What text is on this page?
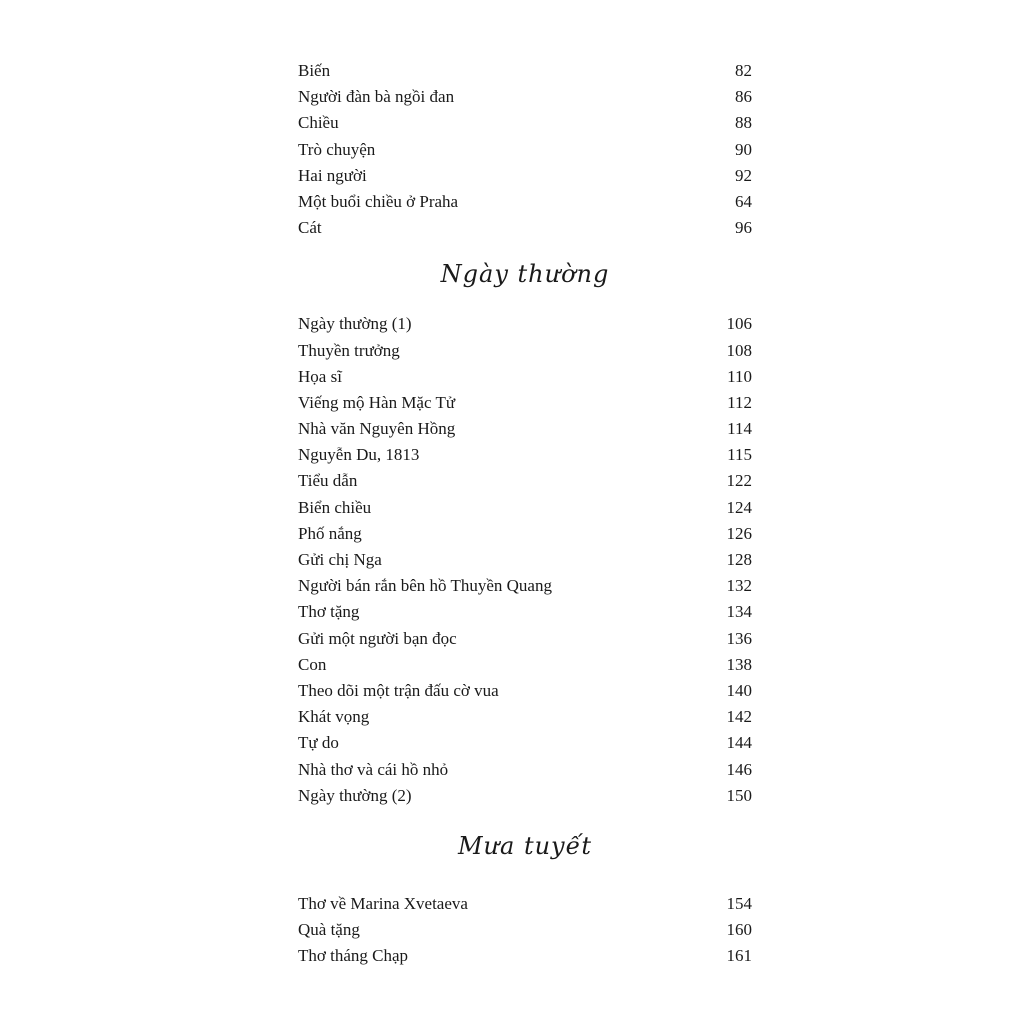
Biến	82
Người đàn bà ngồi đan	86
Chiều	88
Trò chuyện	90
Hai người	92
Một buổi chiều ở Praha	64
Cát	96
Ngày thường
Ngày thường (1)	106
Thuyền trưởng	108
Họa sĩ	110
Viếng mộ Hàn Mặc Tử	112
Nhà văn Nguyên Hồng	114
Nguyễn Du, 1813	115
Tiểu dẫn	122
Biển chiều	124
Phố nắng	126
Gửi chị Nga	128
Người bán rắn bên hồ Thuyền Quang	132
Thơ tặng	134
Gửi một người bạn đọc	136
Con	138
Theo dõi một trận đấu cờ vua	140
Khát vọng	142
Tự do	144
Nhà thơ và cái hồ nhỏ	146
Ngày thường (2)	150
Mưa tuyết
Thơ về Marina Xvetaeva	154
Quà tặng	160
Thơ tháng Chạp	161
